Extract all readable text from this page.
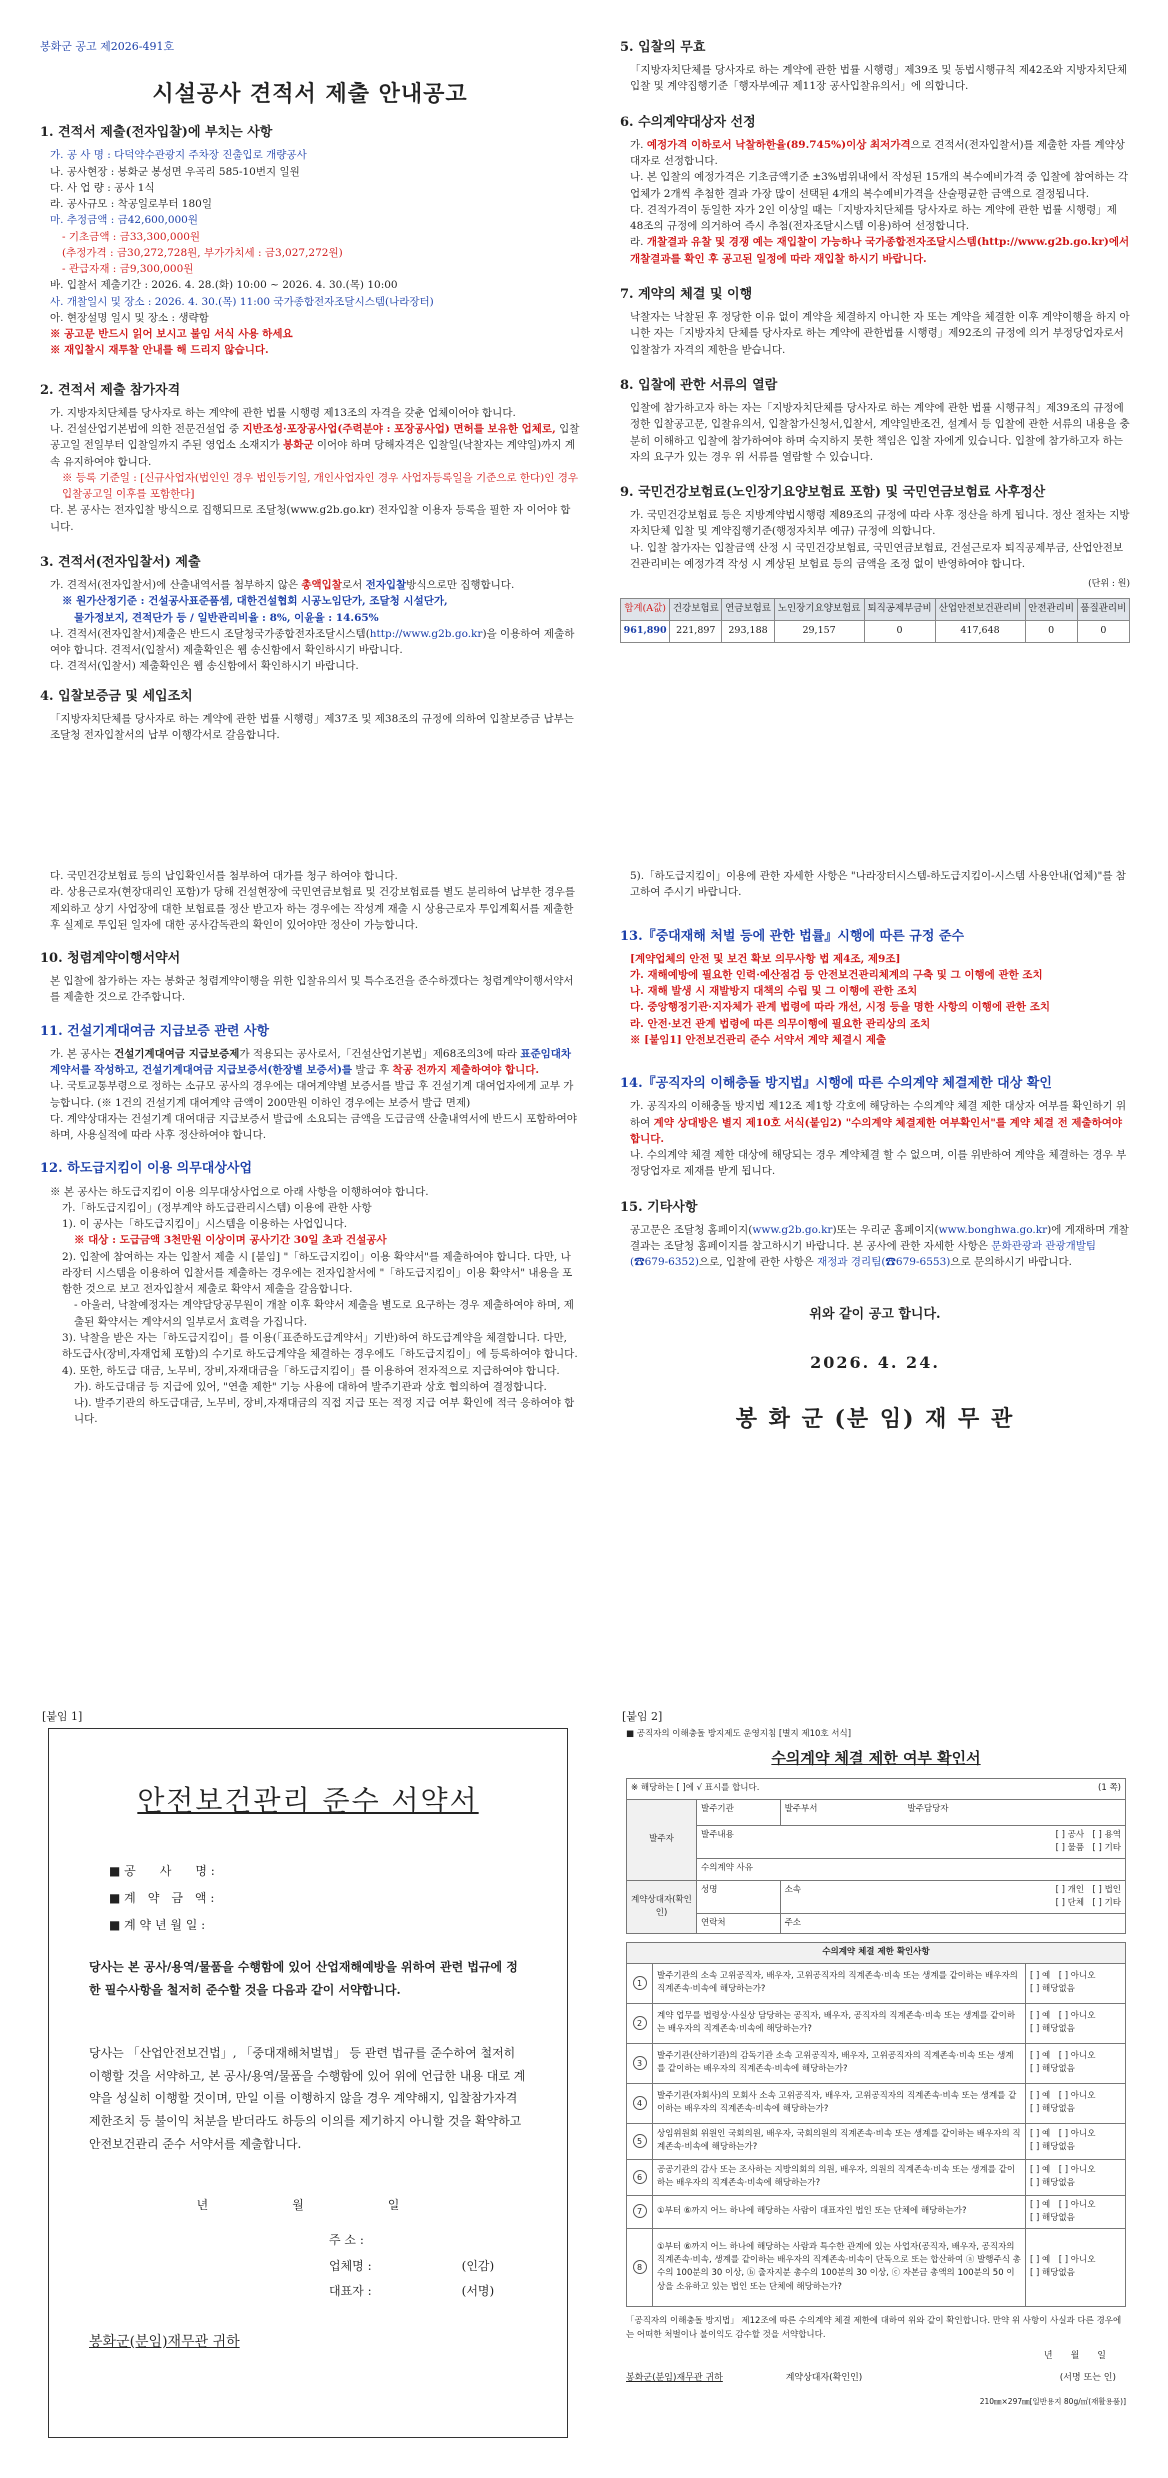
봉화군 공고 제2026-491호
시설공사 견적서 제출 안내공고
1. 견적서 제출(전자입찰)에 부치는 사항
가. 공 사 명 : 다덕약수관광지 주차장 진출입로 개량공사
나. 공사현장 : 봉화군 봉성면 우곡리 585-10번지 일원
다. 사 업 량 : 공사 1식
라. 공사규모 : 착공일로부터 180일
마. 추정금액 : 금42,600,000원
- 기초금액 : 금33,300,000원
(추정가격 : 금30,272,728원, 부가가치세 : 금3,027,272원)
- 관급자재 : 금9,300,000원
바. 입찰서 제출기간 : 2026. 4. 28.(화) 10:00 ~ 2026. 4. 30.(목) 10:00
사. 개찰일시 및 장소 : 2026. 4. 30.(목) 11:00 국가종합전자조달시스템(나라장터)
아. 현장설명 일시 및 장소 : 생략함
※ 공고문 반드시 읽어 보시고 불임 서식 사용 하세요
※ 재입찰시 재투찰 안내를 해 드리지 않습니다.
2. 견적서 제출 참가자격
가. 지방자치단체를 당사자로 하는 계약에 관한 법률 시행령 제13조의 자격을 갖춘 업체이어야 합니다.
나. 건설산업기본법에 의한 전문건설업 중 지반조성·포장공사업(주력분야 : 포장공사업) 면허를 보유한 업체로, 입찰공고일 전일부터 입찰일까지 주된 영업소 소재지가 봉화군 이어야 하며 당해자격은 입찰일(낙찰자는 계약일)까지 계속 유지하여야 합니다.
※ 등록 기준일 : [신규사업자(법인인 경우 법인등기일, 개인사업자인 경우 사업자등록일을 기준으로 한다)인 경우 입찰공고일 이후를 포함한다]
다. 본 공사는 전자입찰 방식으로 집행되므로 조달청(www.g2b.go.kr) 전자입찰 이용자 등록을 필한 자 이어야 합니다.
3. 견적서(전자입찰서) 제출
가. 견적서(전자입찰서)에 산출내역서를 첨부하지 않은 총액입찰로서 전자입찰방식으로만 집행합니다.
※ 원가산정기준 : 건설공사표준품셈, 대한건설협회 시공노임단가, 조달청 시설단가,
물가정보지, 견적단가 등 / 일반관리비율 : 8%, 이윤율 : 14.65%
나. 견적서(전자입찰서)제출은 반드시 조달청국가종합전자조달시스템(http://www.g2b.go.kr)을 이용하여 제출하여야 합니다. 견적서(입찰서) 제출확인은 웹 송신함에서 확인하시기 바랍니다.
다. 견적서(입찰서) 제출확인은 웹 송신함에서 확인하시기 바랍니다.
4. 입찰보증금 및 세입조치
「지방자치단체를 당사자로 하는 계약에 관한 법률 시행령」제37조 및 제38조의 규정에 의하여 입찰보증금 납부는 조달청 전자입찰서의 납부 이행각서로 갈음합니다.
5. 입찰의 무효
「지방자치단체를 당사자로 하는 계약에 관한 법률 시행령」제39조 및 동법시행규칙 제42조와 지방자치단체 입찰 및 계약집행기준「행자부예규 제11장 공사입찰유의서」에 의합니다.
6. 수의계약대상자 선정
가. 예정가격 이하로서 낙찰하한율(89.745%)이상 최저가격으로 견적서(전자입찰서)를 제출한 자를 계약상대자로 선정합니다.
나. 본 입찰의 예정가격은 기초금액기준 ±3%범위내에서 작성된 15개의 복수예비가격 중 입찰에 참여하는 각 업체가 2개씩 추첨한 결과 가장 많이 선택된 4개의 복수예비가격을 산술평균한 금액으로 결정됩니다.
다. 견적가격이 동일한 자가 2인 이상일 때는「지방자치단체를 당사자로 하는 계약에 관한 법률 시행령」제48조의 규정에 의거하여 즉시 추첨(전자조달시스템 이용)하여 선정합니다.
라. 개찰결과 유찰 및 경쟁 예는 재입찰이 가능하나 국가종합전자조달시스템(http://www.g2b.go.kr)에서 개찰결과를 확인 후 공고된 일정에 따라 재입찰 하시기 바랍니다.
7. 계약의 체결 및 이행
낙찰자는 낙찰된 후 정당한 이유 없이 계약을 체결하지 아니한 자 또는 계약을 체결한 이후 계약이행을 하지 아니한 자는「지방자치 단체를 당사자로 하는 계약에 관한법률 시행령」제92조의 규정에 의거 부정당업자로서 입찰참가 자격의 제한을 받습니다.
8. 입찰에 관한 서류의 열람
입찰에 참가하고자 하는 자는「지방자치단체를 당사자로 하는 계약에 관한 법률 시행규칙」제39조의 규정에 정한 입찰공고문, 입찰유의서, 입찰참가신청서,입찰서, 계약일반조건, 설계서 등 입찰에 관한 서류의 내용을 충분히 이해하고 입찰에 참가하여야 하며 숙지하지 못한 책임은 입찰 자에게 있습니다. 입찰에 참가하고자 하는 자의 요구가 있는 경우 위 서류를 열람할 수 있습니다.
9. 국민건강보험료(노인장기요양보험료 포함) 및 국민연금보험료 사후정산
가. 국민건강보험료 등은 지방계약법시행령 제89조의 규정에 따라 사후 정산을 하게 됩니다. 정산 절차는 지방자치단체 입찰 및 계약집행기준(행정자치부 예규) 규정에 의합니다.
나. 입찰 참가자는 입찰금액 산정 시 국민건강보험료, 국민연금보험료, 건설근로자 퇴직공제부금, 산업안전보건관리비는 예정가격 작성 시 계상된 보험료 등의 금액을 조정 없이 반영하여야 합니다.
(단위 : 원)
합계(A값)	건강보험료	연금보험료	노인장기요양보험료	퇴직공제부금비	산업안전보건관리비	안전관리비	품질관리비
961,890	221,897	293,188	29,157	0	417,648	0	0
다. 국민건강보험료 등의 납입확인서를 첨부하여 대가를 청구 하여야 합니다.
라. 상용근로자(현장대리인 포함)가 당해 건설현장에 국민연금보험료 및 건강보험료를 별도 분리하여 납부한 경우를 제외하고 상기 사업장에 대한 보험료를 정산 받고자 하는 경우에는 작성계 재출 시 상용근로자 투입계획서를 제출한 후 실제로 투입된 일자에 대한 공사감독관의 확인이 있어야만 정산이 가능합니다.
10. 청렴계약이행서약서
본 입찰에 참가하는 자는 봉화군 청렴계약이행을 위한 입찰유의서 및 특수조건을 준수하겠다는 청렴계약이행서약서를 제출한 것으로 간주합니다.
11. 건설기계대여금 지급보증 관련 사항
가. 본 공사는 건설기계대여금 지급보증제가 적용되는 공사로서,「건설산업기본법」제68조의3에 따라 표준임대차 계약서를 작성하고, 건설기계대여금 지급보증서(한장별 보증서)를 발급 후 착공 전까지 제출하여야 합니다.
나. 국토교통부령으로 정하는 소규모 공사의 경우에는 대여계약별 보증서를 발급 후 건설기계 대여업자에게 교부 가능합니다. (※ 1건의 건설기계 대여계약 금액이 200만원 이하인 경우에는 보증서 발급 면제)
다. 계약상대자는 건설기계 대여대금 지급보증서 발급에 소요되는 금액을 도급금액 산출내역서에 반드시 포함하여야 하며, 사용실적에 따라 사후 정산하여야 합니다.
12. 하도급지킴이 이용 의무대상사업
※ 본 공사는 하도급지킴이 이용 의무대상사업으로 아래 사항을 이행하여야 합니다.
가.「하도급지킴이」(정부계약 하도급관리시스템) 이용에 관한 사항
1). 이 공사는「하도급지킴이」시스템을 이용하는 사업입니다.
※ 대상 : 도급금액 3천만원 이상이며 공사기간 30일 초과 건설공사
2). 입찰에 참여하는 자는 입찰서 제출 시 [붙임] "「하도급지킴이」이용 확약서"를 제출하여야 합니다. 다만, 나라장터 시스템을 이용하여 입찰서를 제출하는 경우에는 전자입찰서에 "「하도급지킴이」이용 확약서" 내용을 포함한 것으로 보고 전자입찰서 제출로 확약서 제출을 갈음합니다.
- 아울러, 낙찰예정자는 계약담당공무원이 개찰 이후 확약서 제출을 별도로 요구하는 경우 제출하여야 하며, 제출된 확약서는 계약서의 일부로서 효력을 가집니다.
3). 낙찰을 받은 자는「하도급지킴이」를 이용(「표준하도급계약서」기반)하여 하도급계약을 체결합니다. 다만, 하도급사(장비,자재업체 포함)의 수기로 하도급계약을 체결하는 경우에도「하도급지킴이」에 등록하여야 합니다.
4). 또한, 하도급 대금, 노무비, 장비,자재대금을「하도급지킴이」를 이용하여 전자적으로 지급하여야 합니다.
가). 하도급대금 등 지급에 있어, "연출 제한" 기능 사용에 대하여 발주기관과 상호 협의하여 결정합니다.
나). 발주기관의 하도급대금, 노무비, 장비,자재대금의 직접 지급 또는 적정 지급 여부 확인에 적극 응하여야 합니다.
5).「하도급지킴이」이용에 관한 자세한 사항은 "나라장터시스템-하도급지킴이-시스템 사용안내(업체)"를 참고하여 주시기 바랍니다.
13.『중대재해 처벌 등에 관한 법률』시행에 따른 규정 준수
[계약업체의 안전 및 보건 확보 의무사항 법 제4조, 제9조]
가. 재해예방에 필요한 인력·예산점검 등 안전보건관리체계의 구축 및 그 이행에 관한 조치
나. 재해 발생 시 재발방지 대책의 수립 및 그 이행에 관한 조치
다. 중앙행정기관·지자체가 관계 법령에 따라 개선, 시정 등을 명한 사항의 이행에 관한 조치
라. 안전·보건 관계 법령에 따른 의무이행에 필요한 관리상의 조치
※ [붙임1] 안전보건관리 준수 서약서 계약 체결시 제출
14.『공직자의 이해충돌 방지법』시행에 따른 수의계약 체결제한 대상 확인
가. 공직자의 이해충돌 방지법 제12조 제1항 각호에 해당하는 수의계약 체결 제한 대상자 여부를 확인하기 위하여 계약 상대방은 별지 제10호 서식(붙임2) "수의계약 체결제한 여부확인서"를 계약 체결 전 제출하여야 합니다.
나. 수의계약 체결 제한 대상에 해당되는 경우 계약체결 할 수 없으며, 이를 위반하여 계약을 체결하는 경우 부정당업자로 제재를 받게 됩니다.
15. 기타사항
공고문은 조달청 홈페이지(www.g2b.go.kr)또는 우리군 홈페이지(www.bonghwa.go.kr)에 게재하며 개찰결과는 조달청 홈페이지를 참고하시기 바랍니다. 본 공사에 관한 자세한 사항은 문화관광과 관광개발팀(☎679-6352)으로, 입찰에 관한 사항은 재정과 경리팀(☎679-6553)으로 문의하시기 바랍니다.
위와 같이 공고 합니다.
2026. 4. 24.
봉 화 군 (분 임) 재 무 관
[붙임 1]
안전보건관리 준수 서약서
■ 공　　사　　명 :
■ 계　약　금　액 :
■ 계 약 년 월 일 :
당사는 본 공사/용역/물품을 수행함에 있어 산업재해예방을 위하여 관련 법규에 정한 필수사항을 철저히 준수할 것을 다음과 같이 서약합니다.
당사는 「산업안전보건법」, 「중대재해처벌법」 등 관련 법규를 준수하여 철저히 이행할 것을 서약하고, 본 공사/용역/물품을 수행함에 있어 위에 언급한 내용 대로 계약을 성실히 이행할 것이며, 만일 이를 이행하지 않을 경우 계약해지, 입찰참가자격제한조치 등 불이익 처분을 받더라도 하등의 이의를 제기하지 아니할 것을 확약하고 안전보건관리 준수 서약서를 제출합니다.
년　　월　　일
주 소 :
업체명 :	(인감)
대표자 :	(서명)
봉화군(분임)재무관 귀하
[붙임 2]
■ 공직자의 이해충돌 방지제도 운영지침 [별지 제10호 서식]
수의계약 체결 제한 여부 확인서
※ 해당하는 [ ]에 √ 표시를 합니다. (1 쪽)		

발주자	발주기관	발주부서 발주담당자
	발주내용 [ ] 공사　[ ] 용역
[ ] 물품　[ ] 기타	

	수의계약 사유	
계약상대자(확인인)	성명	소속 [ ] 개인　[ ] 법인
[ ] 단체　[ ] 기타

	연락처	주소
수의계약 체결 제한 확인사항		
1	발주기관의 소속 고위공직자, 배우자, 고위공직자의 직계존속·비속 또는 생계를 같이하는 배우자의 직계존속·비속에 해당하는가?	[ ] 예　[ ] 아니오
[ ] 해당없음

2	계약 업무를 법령상·사실상 담당하는 공직자, 배우자, 공직자의 직계존속·비속 또는 생계를 같이하는 배우자의 직계존속·비속에 해당하는가?	[ ] 예　[ ] 아니오
[ ] 해당없음

3	발주기관(산하기관)의 감독기관 소속 고위공직자, 배우자, 고위공직자의 직계존속·비속 또는 생계를 같이하는 배우자의 직계존속·비속에 해당하는가?	[ ] 예　[ ] 아니오
[ ] 해당없음

4	발주기관(자회사)의 모회사 소속 고위공직자, 배우자, 고위공직자의 직계존속·비속 또는 생계를 같이하는 배우자의 직계존속·비속에 해당하는가?	[ ] 예　[ ] 아니오
[ ] 해당없음

5	상임위원회 위원인 국회의원, 배우자, 국회의원의 직계존속·비속 또는 생계를 같이하는 배우자의 직계존속·비속에 해당하는가?	[ ] 예　[ ] 아니오
[ ] 해당없음

6	공공기관의 감사 또는 조사하는 지방의회의 의원, 배우자, 의원의 직계존속·비속 또는 생계를 같이하는 배우자의 직계존속·비속에 해당하는가?	[ ] 예　[ ] 아니오
[ ] 해당없음

7	①부터 ⑥까지 어느 하나에 해당하는 사람이 대표자인 법인 또는 단체에 해당하는가?	[ ] 예　[ ] 아니오
[ ] 해당없음

8	①부터 ⑥까지 어느 하나에 해당하는 사람과 특수한 관계에 있는 사업자(공직자, 배우자, 공직자의 직계존속·비속, 생계를 같이하는 배우자의 직계존속·비속이 단독으로 또는 합산하여 ⓐ 발행주식 총수의 100분의 30 이상, ⓑ 출자지분 총수의 100분의 30 이상, ⓒ 자본금 총액의 100분의 50 이상을 소유하고 있는 법인 또는 단체에 해당하는가?	[ ] 예　[ ] 아니오
[ ] 해당없음
「공직자의 이해충돌 방지법」 제12조에 따른 수의계약 체결 제한에 대하여 위와 같이 확인합니다. 만약 위 사항이 사실과 다른 경우에는 어떠한 처벌이나 불이익도 감수할 것을 서약합니다.
년　　월　　일
봉화군(분임)재무관 귀하	계약상대자(확인인)	(서명 또는 인)
210㎜×297㎜[일반용지 80g/㎡(재활용품)]
